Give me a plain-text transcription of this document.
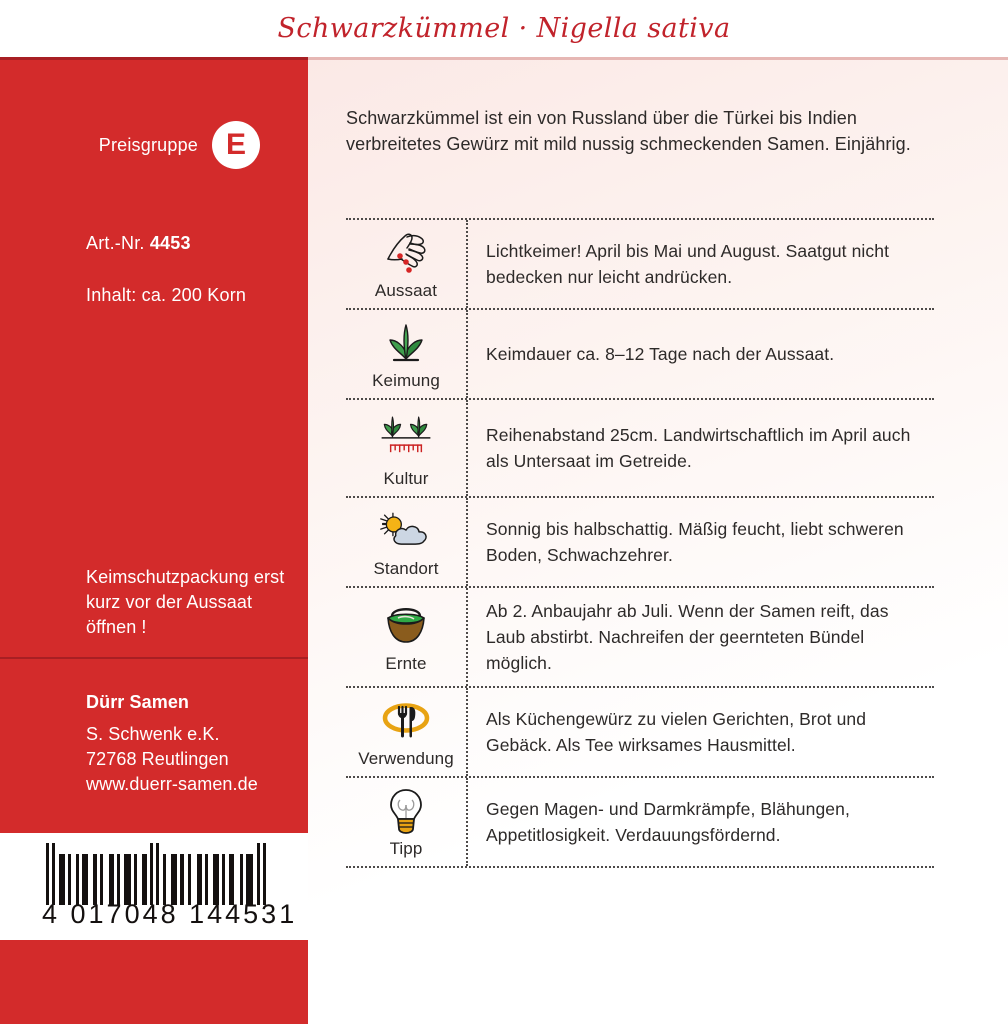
Schwarzkümmel · Nigella sativa
Preisgruppe E
Art.-Nr. 4453
Inhalt: ca. 200 Korn
Keimschutzpackung erst kurz vor der Aussaat öffnen !
Dürr Samen
S. Schwenk e.K.
72768 Reutlingen
www.duerr-samen.de
4 017048 144531
Schwarzkümmel ist ein von Russland über die Türkei bis Indien verbreitetes Gewürz mit mild nussig schmeckenden Samen. Einjährig.
Aussaat
Lichtkeimer! April bis Mai und August. Saatgut nicht bedecken nur leicht andrücken.
Keimung
Keimdauer ca. 8–12 Tage nach der Aussaat.
Kultur
Reihenabstand 25cm. Landwirtschaftlich im April auch als Untersaat im Getreide.
Standort
Sonnig bis halbschattig. Mäßig feucht, liebt schweren Boden, Schwachzehrer.
Ernte
Ab 2. Anbaujahr ab Juli. Wenn der Samen reift, das Laub abstirbt. Nachreifen der geernteten Bündel möglich.
Verwendung
Als Küchengewürz zu vielen Gerichten, Brot und Gebäck. Als Tee wirksames Hausmittel.
Tipp
Gegen Magen- und Darmkrämpfe, Blähungen, Appetitlosigkeit. Verdauungsfördernd.
